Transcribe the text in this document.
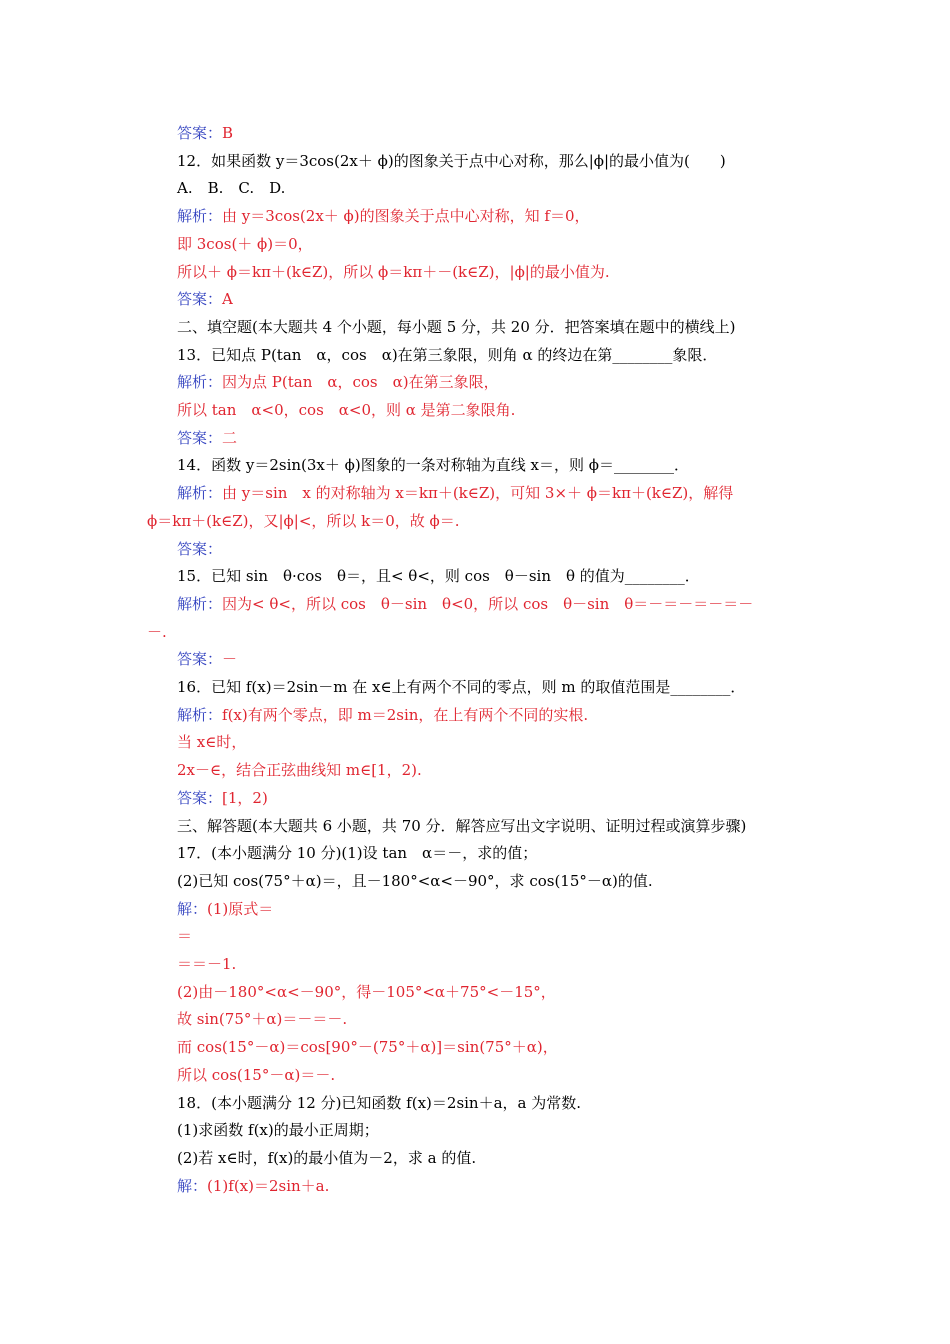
答案：B
12．如果函数 y＝3cos(2x＋ ϕ)的图象关于点中心对称，那么|ϕ|的最小值为(　　)
A.　B.　C.　D.
解析：由 y＝3cos(2x＋ ϕ)的图象关于点中心对称，知 f＝0，
即 3cos(＋ ϕ)＝0，
所以＋ ϕ＝kπ＋(k∈Z)，所以 ϕ＝kπ＋－(k∈Z)，|ϕ|的最小值为.
答案：A
二、填空题(本大题共 4 个小题，每小题 5 分，共 20 分．把答案填在题中的横线上)
13．已知点 P(tan　α，cos　α)在第三象限，则角 α 的终边在第________象限．
解析：因为点 P(tan　α，cos　α)在第三象限，
所以 tan　α<0，cos　α<0，则 α 是第二象限角.
答案：二
14．函数 y＝2sin(3x＋ ϕ)图象的一条对称轴为直线 x＝，则 ϕ＝________．
解析：由 y＝sin　x 的对称轴为 x＝kπ＋(k∈Z)，可知 3×＋ ϕ＝kπ＋(k∈Z)，解得
ϕ＝kπ＋(k∈Z)，又|ϕ|<，所以 k＝0，故 ϕ＝.
答案：
15．已知 sin　θ·cos　θ＝，且< θ<，则 cos　θ－sin　θ 的值为________．
解析：因为< θ<，所以 cos　θ－sin　θ<0，所以 cos　θ－sin　θ＝－＝－＝－＝－
－.
答案：－
16．已知 f(x)＝2sin－m 在 x∈上有两个不同的零点，则 m 的取值范围是________．
解析：f(x)有两个零点，即 m＝2sin，在上有两个不同的实根.
当 x∈时，
2x－∈，结合正弦曲线知 m∈[1，2).
答案：[1，2)
三、解答题(本大题共 6 小题，共 70 分．解答应写出文字说明、证明过程或演算步骤)
17．(本小题满分 10 分)(1)设 tan　α＝－，求的值；
(2)已知 cos(75°＋α)＝，且－180°<α<－90°，求 cos(15°－α)的值.
解：(1)原式＝
＝
＝＝－1.
(2)由－180°<α<－90°，得－105°<α＋75°<－15°，
故 sin(75°＋α)＝－＝－.
而 cos(15°－α)＝cos[90°－(75°＋α)]＝sin(75°＋α)，
所以 cos(15°－α)＝－.
18．(本小题满分 12 分)已知函数 f(x)＝2sin＋a，a 为常数.
(1)求函数 f(x)的最小正周期；
(2)若 x∈时，f(x)的最小值为－2，求 a 的值.
解：(1)f(x)＝2sin＋a.
